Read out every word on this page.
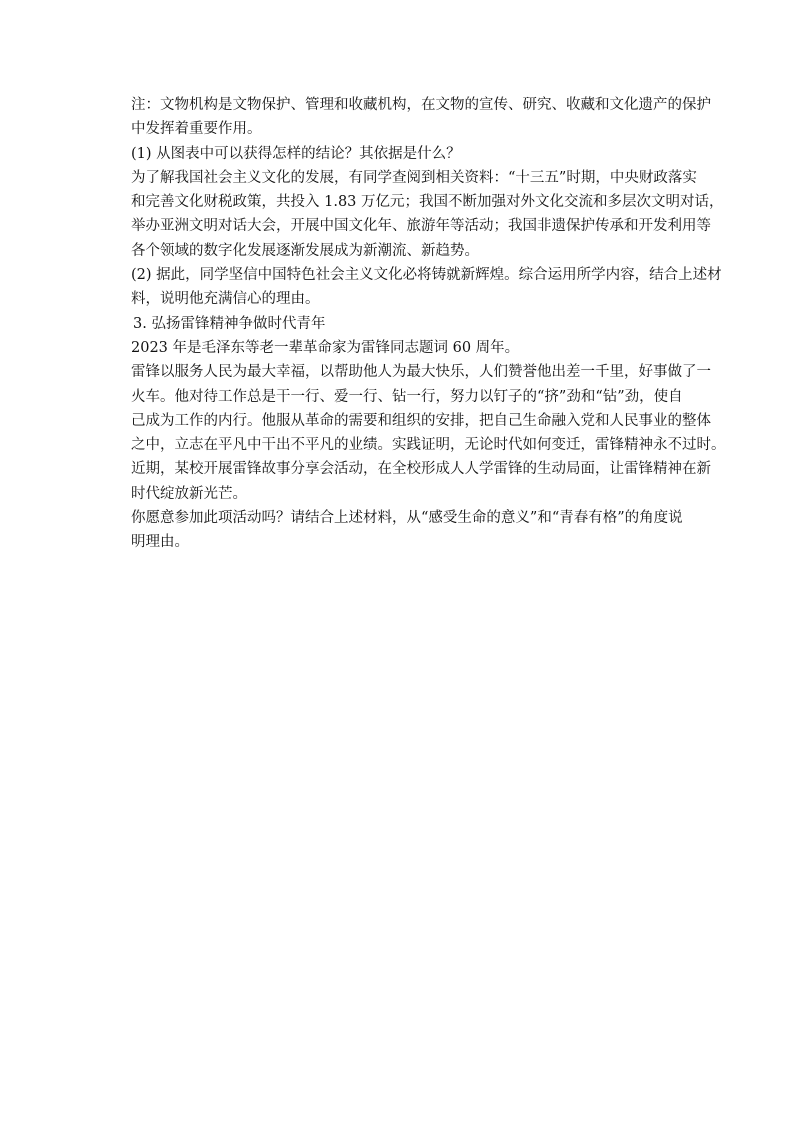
注：文物机构是文物保护、管理和收藏机构，在文物的宣传、研究、收藏和文化遗产的保护

中发挥着重要作用。

(1) 从图表中可以获得怎样的结论？其依据是什么？

为了解我国社会主义文化的发展，有同学查阅到相关资料：“十三五”时期，中央财政落实

和完善文化财税政策，共投入 1.83 万亿元；我国不断加强对外文化交流和多层次文明对话，

举办亚洲文明对话大会，开展中国文化年、旅游年等活动；我国非遗保护传承和开发利用等

各个领域的数字化发展逐渐发展成为新潮流、新趋势。

(2) 据此，同学坚信中国特色社会主义文化必将铸就新辉煌。综合运用所学内容，结合上述材

料，说明他充满信心的理由。

3. 弘扬雷锋精神争做时代青年

2023 年是毛泽东等老一辈革命家为雷锋同志题词 60 周年。

雷锋以服务人民为最大幸福，以帮助他人为最大快乐，人们赞誉他出差一千里，好事做了一

火车。他对待工作总是干一行、爱一行、钻一行，努力以钉子的“挤”劲和“钻”劲，使自

己成为工作的内行。他服从革命的需要和组织的安排，把自己生命融入党和人民事业的整体

之中，立志在平凡中干出不平凡的业绩。实践证明，无论时代如何变迁，雷锋精神永不过时。

近期，某校开展雷锋故事分享会活动，在全校形成人人学雷锋的生动局面，让雷锋精神在新

时代绽放新光芒。

你愿意参加此项活动吗？请结合上述材料，从“感受生命的意义”和“青春有格”的角度说

明理由。
